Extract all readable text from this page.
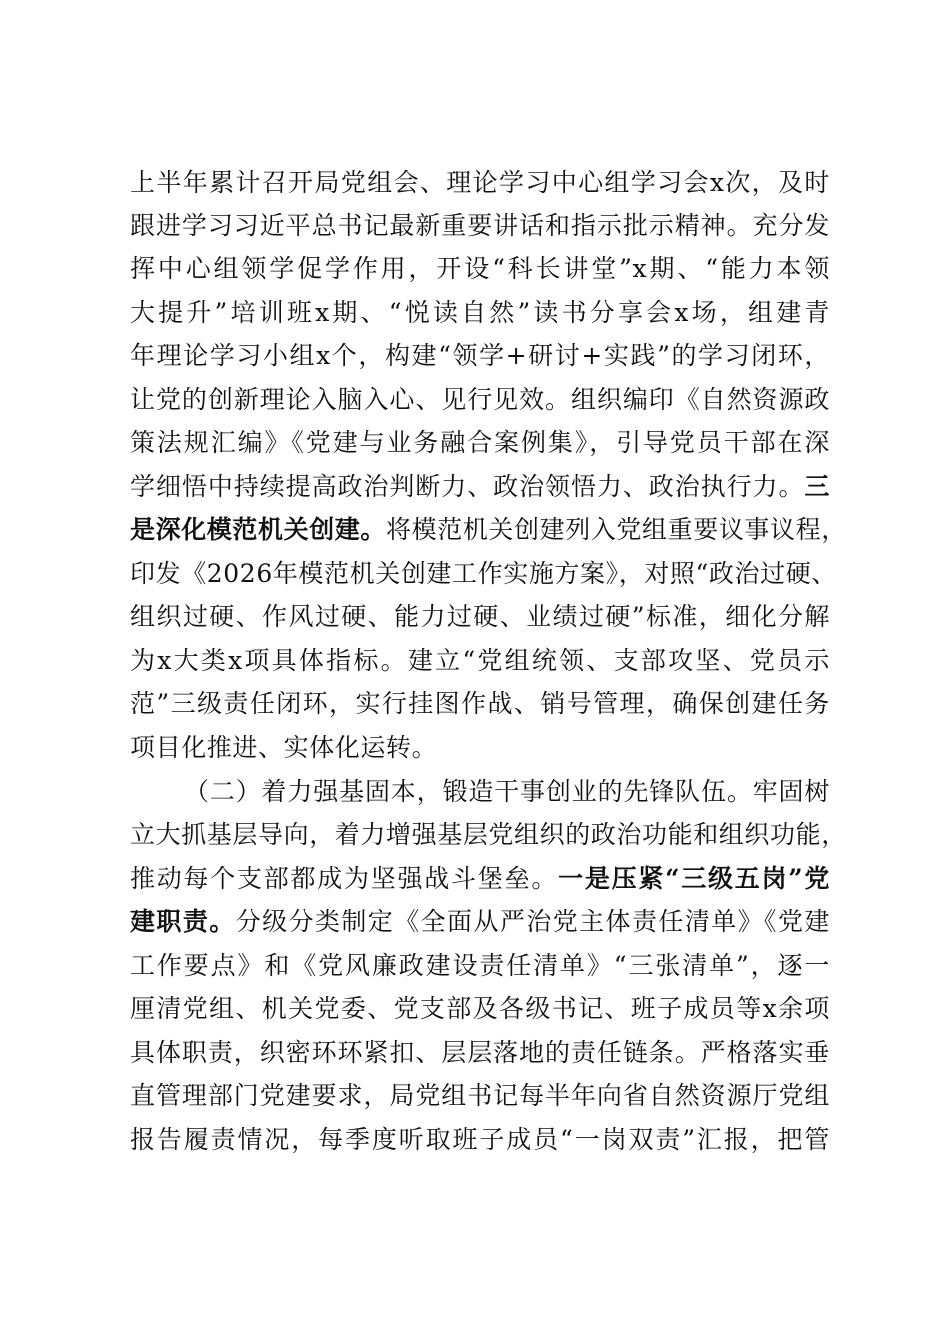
上半年累计召开局党组会、理论学习中心组学习会x次，及时
跟进学习习近平总书记最新重要讲话和指示批示精神。充分发
挥中心组领学促学作用，开设“科长讲堂”x期、“能力本领
大提升”培训班x期、“悦读自然”读书分享会x场，组建青
年理论学习小组x个，构建“领学+研讨+实践”的学习闭环，
让党的创新理论入脑入心、见行见效。组织编印《自然资源政
策法规汇编》《党建与业务融合案例集》，引导党员干部在深
学细悟中持续提高政治判断力、政治领悟力、政治执行力。三
是深化模范机关创建。将模范机关创建列入党组重要议事议程，
印发《2026年模范机关创建工作实施方案》，对照“政治过硬、
组织过硬、作风过硬、能力过硬、业绩过硬”标准，细化分解
为x大类x项具体指标。建立“党组统领、支部攻坚、党员示
范”三级责任闭环，实行挂图作战、销号管理，确保创建任务
项目化推进、实体化运转。
（二）着力强基固本，锻造干事创业的先锋队伍。牢固树
立大抓基层导向，着力增强基层党组织的政治功能和组织功能，
推动每个支部都成为坚强战斗堡垒。一是压紧“三级五岗”党
建职责。分级分类制定《全面从严治党主体责任清单》《党建
工作要点》和《党风廉政建设责任清单》“三张清单”，逐一
厘清党组、机关党委、党支部及各级书记、班子成员等x余项
具体职责，织密环环紧扣、层层落地的责任链条。严格落实垂
直管理部门党建要求，局党组书记每半年向省自然资源厅党组
报告履责情况，每季度听取班子成员“一岗双责”汇报，把管
